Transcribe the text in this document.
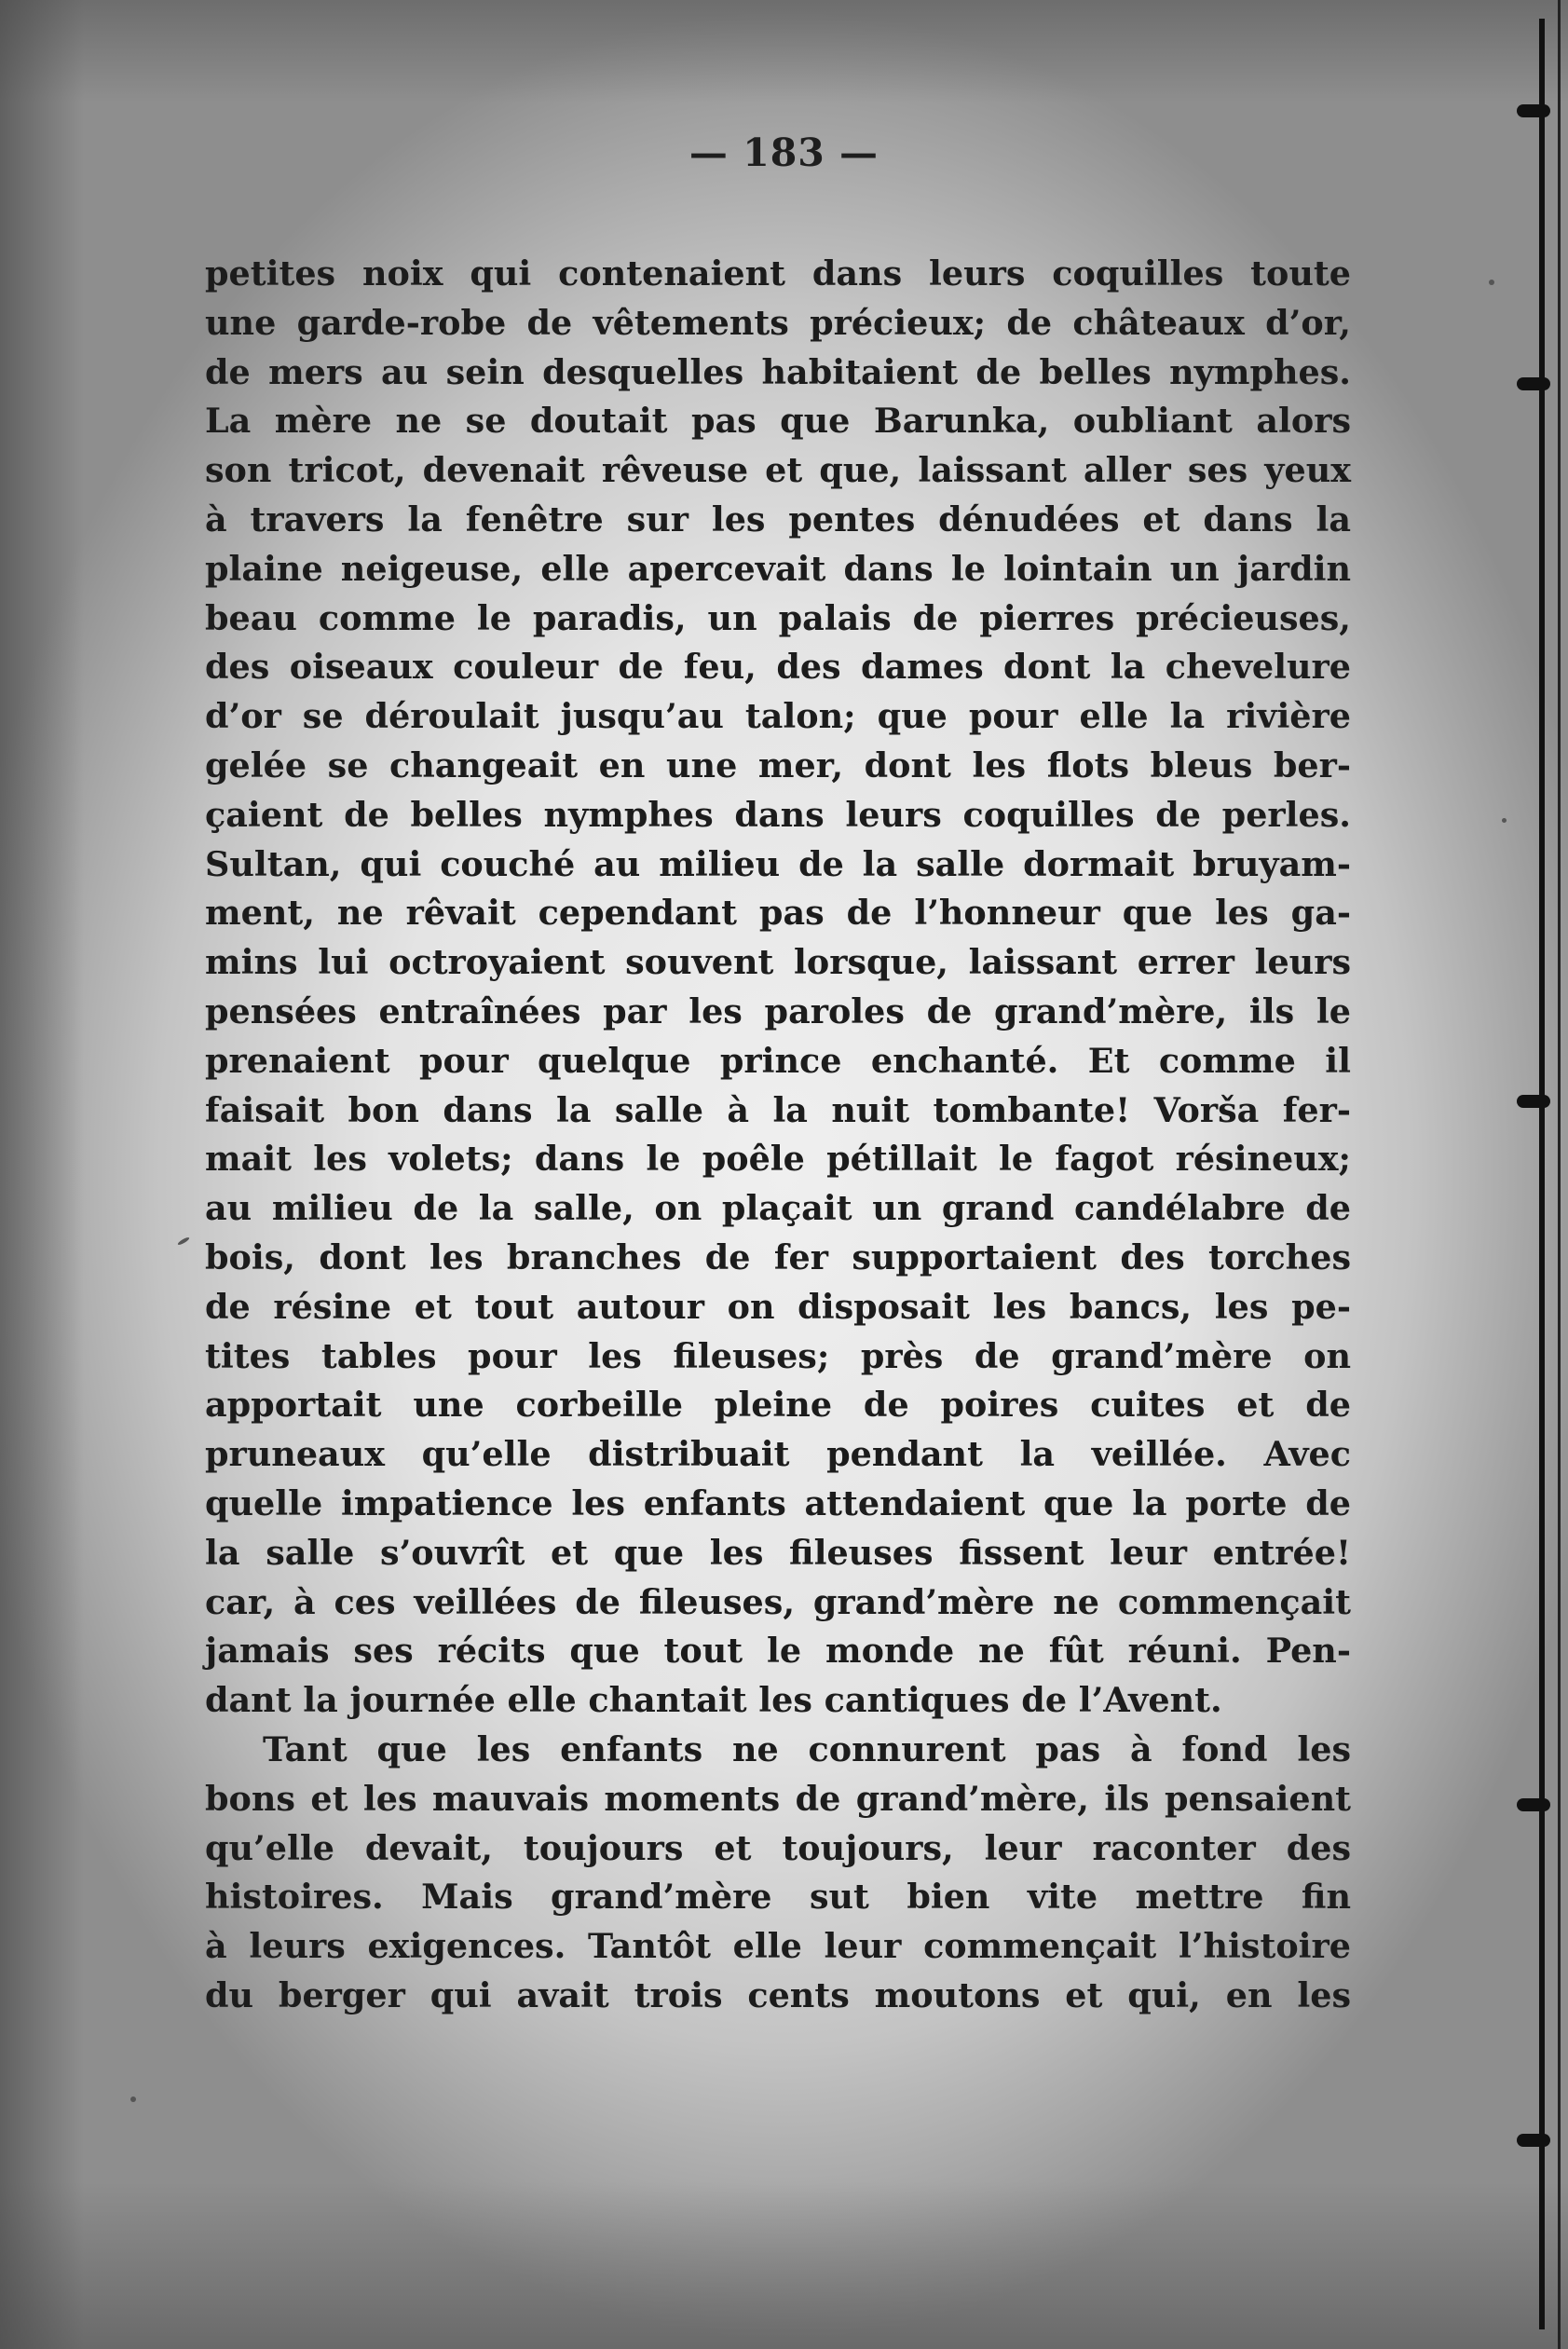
— 183 —
petites noix qui contenaient dans leurs coquilles toute
une garde-robe de vêtements précieux; de châteaux d’or,
de mers au sein desquelles habitaient de belles nymphes.
La mère ne se doutait pas que Barunka, oubliant alors
son tricot, devenait rêveuse et que, laissant aller ses yeux
à travers la fenêtre sur les pentes dénudées et dans la
plaine neigeuse, elle apercevait dans le lointain un jardin
beau comme le paradis, un palais de pierres précieuses,
des oiseaux couleur de feu, des dames dont la chevelure
d’or se déroulait jusqu’au talon; que pour elle la rivière
gelée se changeait en une mer, dont les flots bleus ber-
çaient de belles nymphes dans leurs coquilles de perles.
Sultan, qui couché au milieu de la salle dormait bruyam-
ment, ne rêvait cependant pas de l’honneur que les ga-
mins lui octroyaient souvent lorsque, laissant errer leurs
pensées entraînées par les paroles de grand’mère, ils le
prenaient pour quelque prince enchanté. Et comme il
faisait bon dans la salle à la nuit tombante! Vorša fer-
mait les volets; dans le poêle pétillait le fagot résineux;
au milieu de la salle, on plaçait un grand candélabre de
bois, dont les branches de fer supportaient des torches
de résine et tout autour on disposait les bancs, les pe-
tites tables pour les fileuses; près de grand’mère on
apportait une corbeille pleine de poires cuites et de
pruneaux qu’elle distribuait pendant la veillée. Avec
quelle impatience les enfants attendaient que la porte de
la salle s’ouvrît et que les fileuses fissent leur entrée!
car, à ces veillées de fileuses, grand’mère ne commençait
jamais ses récits que tout le monde ne fût réuni. Pen-
dant la journée elle chantait les cantiques de l’Avent.
Tant que les enfants ne connurent pas à fond les
bons et les mauvais moments de grand’mère, ils pensaient
qu’elle devait, toujours et toujours, leur raconter des
histoires. Mais grand’mère sut bien vite mettre fin
à leurs exigences. Tantôt elle leur commençait l’histoire
du berger qui avait trois cents moutons et qui, en les
